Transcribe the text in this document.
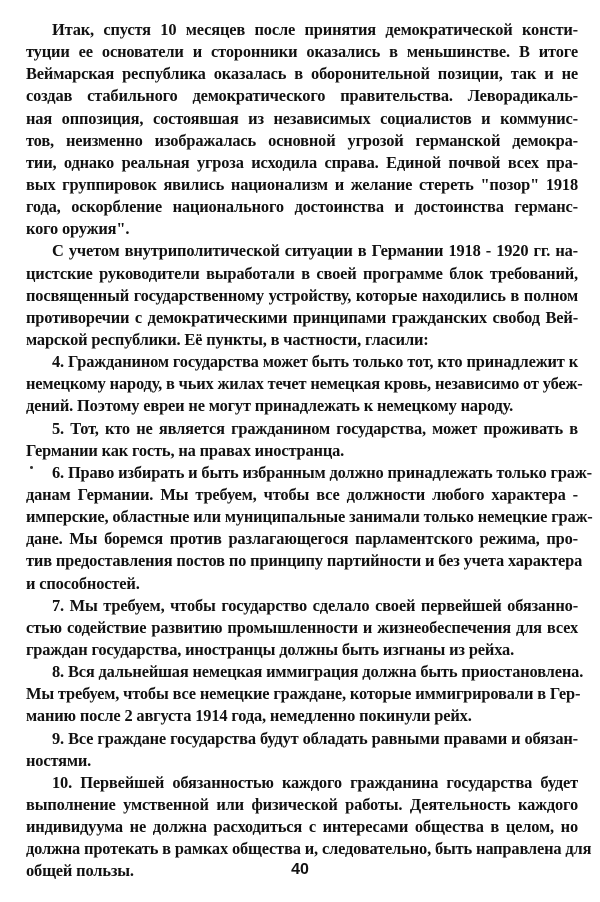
Итак, спустя 10 месяцев после принятия демократической консти-
туции ее основатели и сторонники оказались в меньшинстве. В итоге
Веймарская республика оказалась в оборонительной позиции, так и не
создав стабильного демократического правительства. Леворадикаль-
ная оппозиция, состоявшая из независимых социалистов и коммунис-
тов, неизменно изображалась основной угрозой германской демокра-
тии, однако реальная угроза исходила справа. Единой почвой всех пра-
вых группировок явились национализм и желание стереть "позор" 1918
года, оскорбление национального достоинства и достоинства германс-
кого оружия".
С учетом внутриполитической ситуации в Германии 1918 - 1920 гг. на-
цистские руководители выработали в своей программе блок требований,
посвященный государственному устройству, которые находились в полном
противоречии с демократическими принципами гражданских свобод Вей-
марской республики. Её пункты, в частности, гласили:
4. Гражданином государства может быть только тот, кто принадлежит к
немецкому народу, в чьих жилах течет немецкая кровь, независимо от убеж-
дений. Поэтому евреи не могут принадлежать к немецкому народу.
5. Тот, кто не является гражданином государства, может проживать в
Германии как гость, на правах иностранца.
6. Право избирать и быть избранным должно принадлежать только граж-
данам Германии. Мы требуем, чтобы все должности любого характера -
имперские, областные или муниципальные занимали только немецкие граж-
дане. Мы боремся против разлагающегося парламентского режима, про-
тив предоставления постов по принципу партийности и без учета характера
и способностей.
7. Мы требуем, чтобы государство сделало своей первейшей обязанно-
стью содействие развитию промышленности и жизнеобеспечения для всех
граждан государства, иностранцы должны быть изгнаны из рейха.
8. Вся дальнейшая немецкая иммиграция должна быть приостановлена.
Мы требуем, чтобы все немецкие граждане, которые иммигрировали в Гер-
манию после 2 августа 1914 года, немедленно покинули рейх.
9. Все граждане государства будут обладать равными правами и обязан-
ностями.
10. Первейшей обязанностью каждого гражданина государства будет
выполнение умственной или физической работы. Деятельность каждого
индивидуума не должна расходиться с интересами общества в целом, но
должна протекать в рамках общества и, следовательно, быть направлена для
общей пользы.	40
